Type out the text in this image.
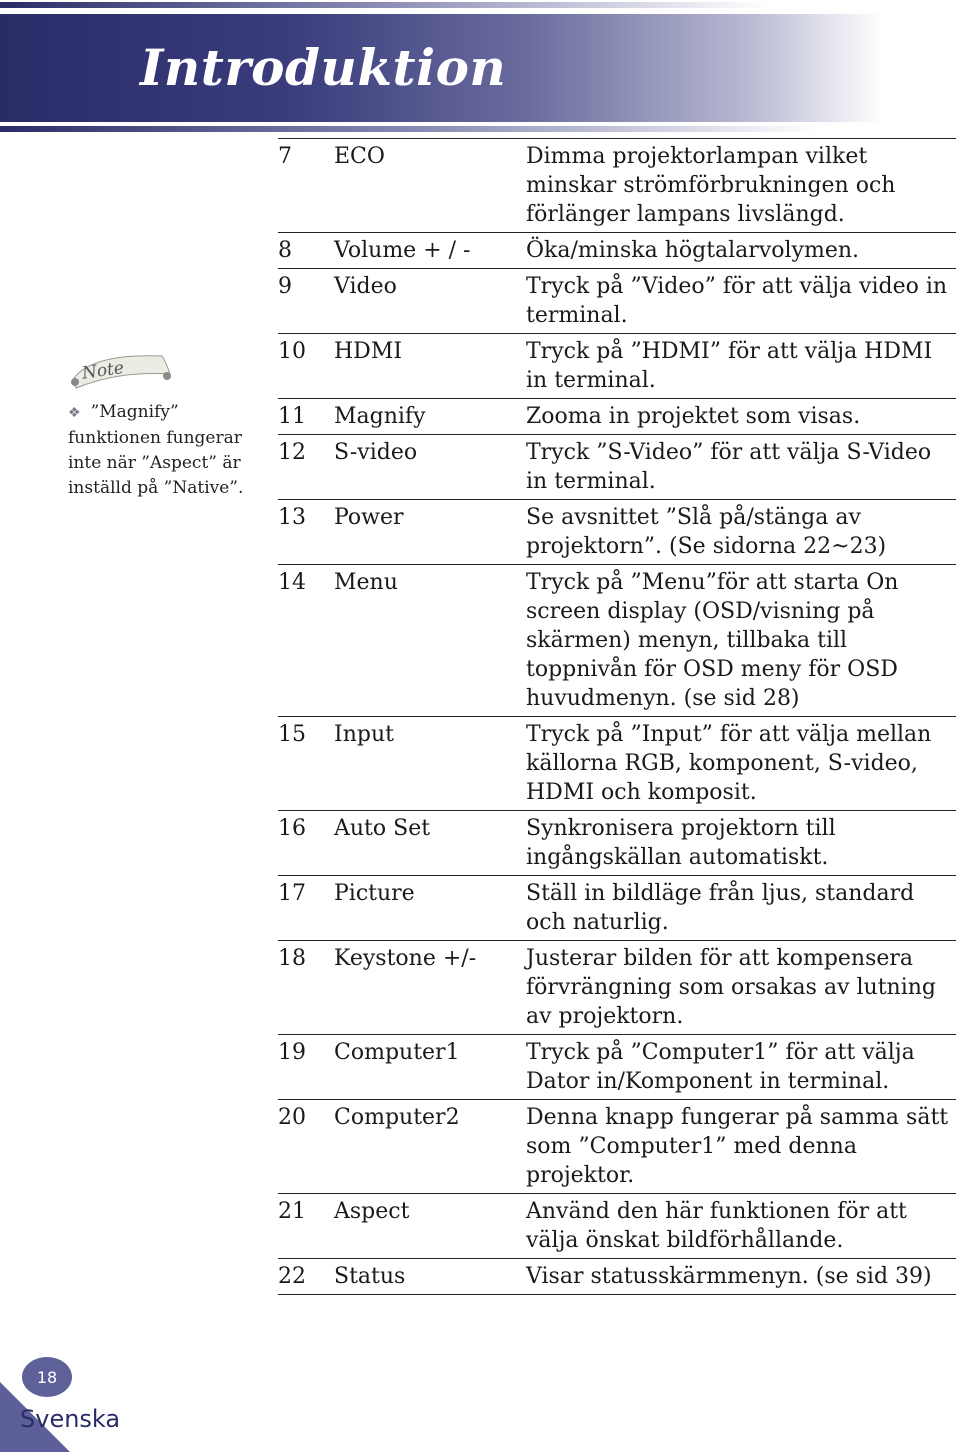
Introduktion
Note
❖ ”Magnify” funktionen fungerar inte när ”Aspect” är inställd på ”Native”.
7	ECO	Dimma projektorlampan vilket minskar strömförbrukningen och förlänger lampans livslängd.
8	Volume + / -	Öka/minska högtalarvolymen.
9	Video	Tryck på ”Video” för att välja video in terminal.
10	HDMI	Tryck på ”HDMI” för att välja HDMI in terminal.
11	Magnify	Zooma in projektet som visas.
12	S-video	Tryck ”S-Video” för att välja S-Video in terminal.
13	Power	Se avsnittet ”Slå på/stänga av projektorn”. (Se sidorna 22~23)
14	Menu	Tryck på ”Menu”för att starta On screen display (OSD/visning på skärmen) menyn, tillbaka till toppnivån för OSD meny för OSD huvudmenyn. (se sid 28)
15	Input	Tryck på ”Input” för att välja mellan källorna RGB, komponent, S-video, HDMI och komposit.
16	Auto Set	Synkronisera projektorn till ingångskällan automatiskt.
17	Picture	Ställ in bildläge från ljus, standard och naturlig.
18	Keystone +/-	Justerar bilden för att kompensera förvrängning som orsakas av lutning av projektorn.
19	Computer1	Tryck på ”Computer1” för att välja Dator in/Komponent in terminal.
20	Computer2	Denna knapp fungerar på samma sätt som ”Computer1” med denna projektor.
21	Aspect	Använd den här funktionen för att välja önskat bildförhållande.
22	Status	Visar statusskärmmenyn. (se sid 39)
18
Svenska
